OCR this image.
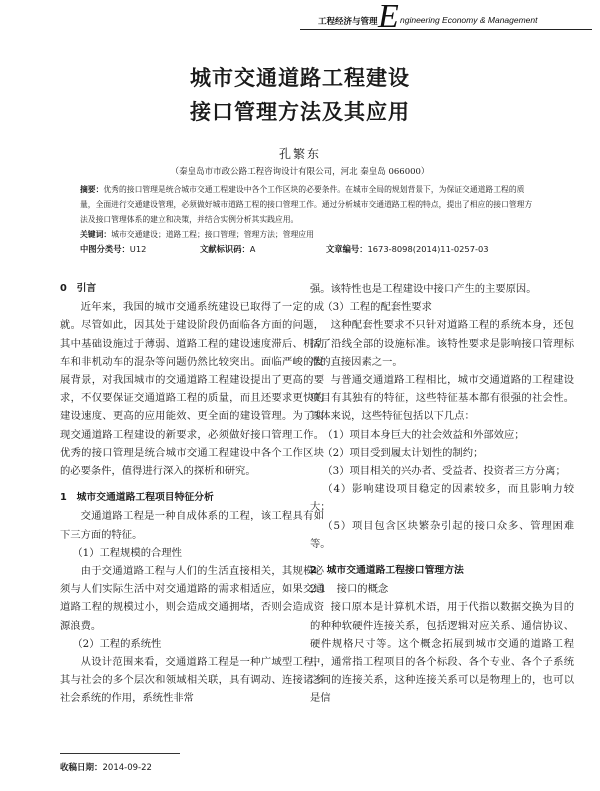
工程经济与管理 E ngineering Economy & Management
城市交通道路工程建设
接口管理方法及其应用
孔繁东
（秦皇岛市市政公路工程咨询设计有限公司，河北 秦皇岛 066000）

摘要：优秀的接口管理是统合城市交通工程建设中各个工作区块的必要条件。在城市全局的规划背景下，为保证交通道路工程的质量，全面进行交通建设管理，必须做好城市道路工程的接口管理工作。通过分析城市交通道路工程的特点，提出了相应的接口管理方法及接口管理体系的建立和决策，并结合实例分析其实践应用。

关键词：城市交通建设；道路工程；接口管理；管理方法；管理应用

中图分类号：U12	文献标识码：A	文章编号：1673-8098(2014)11-0257-03

0　引言

近年来，我国的城市交通系统建设已取得了一定的成就。尽管如此，因其处于建设阶段仍面临各方面的问题，其中基础设施过于薄弱、道路工程的建设速度滞后、机动车和非机动车的混杂等问题仍然比较突出。面临严峻的发展背景，对我国城市的交通道路工程建设提出了更高的要求，不仅要保证交通道路工程的质量，而且还要求更快的建设速度、更高的应用能效、更全面的建设管理。为了实现交通道路工程建设的新要求，必须做好接口管理工作。优秀的接口管理是统合城市交通工程建设中各个工作区块的必要条件，值得进行深入的探析和研究。

1　城市交通道路工程项目特征分析

交通道路工程是一种自成体系的工程，该工程具有如下三方面的特征。

（1）工程规模的合理性

由于交通道路工程与人们的生活直接相关，其规模必须与人们实际生活中对交通道路的需求相适应，如果交通道路工程的规模过小，则会造成交通拥堵，否则会造成资源浪费。

（2）工程的系统性

从设计范围来看，交通道路工程是一种广域型工程，其与社会的多个层次和领域相关联，具有调动、连接诸多社会系统的作用，系统性非常

强。该特性也是工程建设中接口产生的主要原因。

（3）工程的配套性要求

这种配套性要求不只针对道路工程的系统本身，还包括了沿线全部的设施标准。该特性要求是影响接口管理标准的直接因素之一。

与普通交通道路工程相比，城市交通道路的工程建设项目有其独有的特征，这些特征基本都有很强的社会性。具体来说，这些特征包括以下几点：

（1）项目本身巨大的社会效益和外部效应；

（2）项目受到履太计划性的制约；

（3）项目相关的兴办者、受益者、投资者三方分离；

（4）影响建设项目稳定的因素较多，而且影响力较大；

（5）项目包含区块繁杂引起的接口众多、管理困难等。

2　城市交通道路工程接口管理方法

2.1　接口的概念

接口原本是计算机术语，用于代指以数据交换为目的的种种软硬件连接关系，包括逻辑对应关系、通信协议、硬件规格尺寸等。这个概念拓展到城市交通的道路工程中，通常指工程项目的各个标段、各个专业、各个子系统之间的连接关系，这种连接关系可以是物理上的，也可以是信

收稿日期：2014-09-22
